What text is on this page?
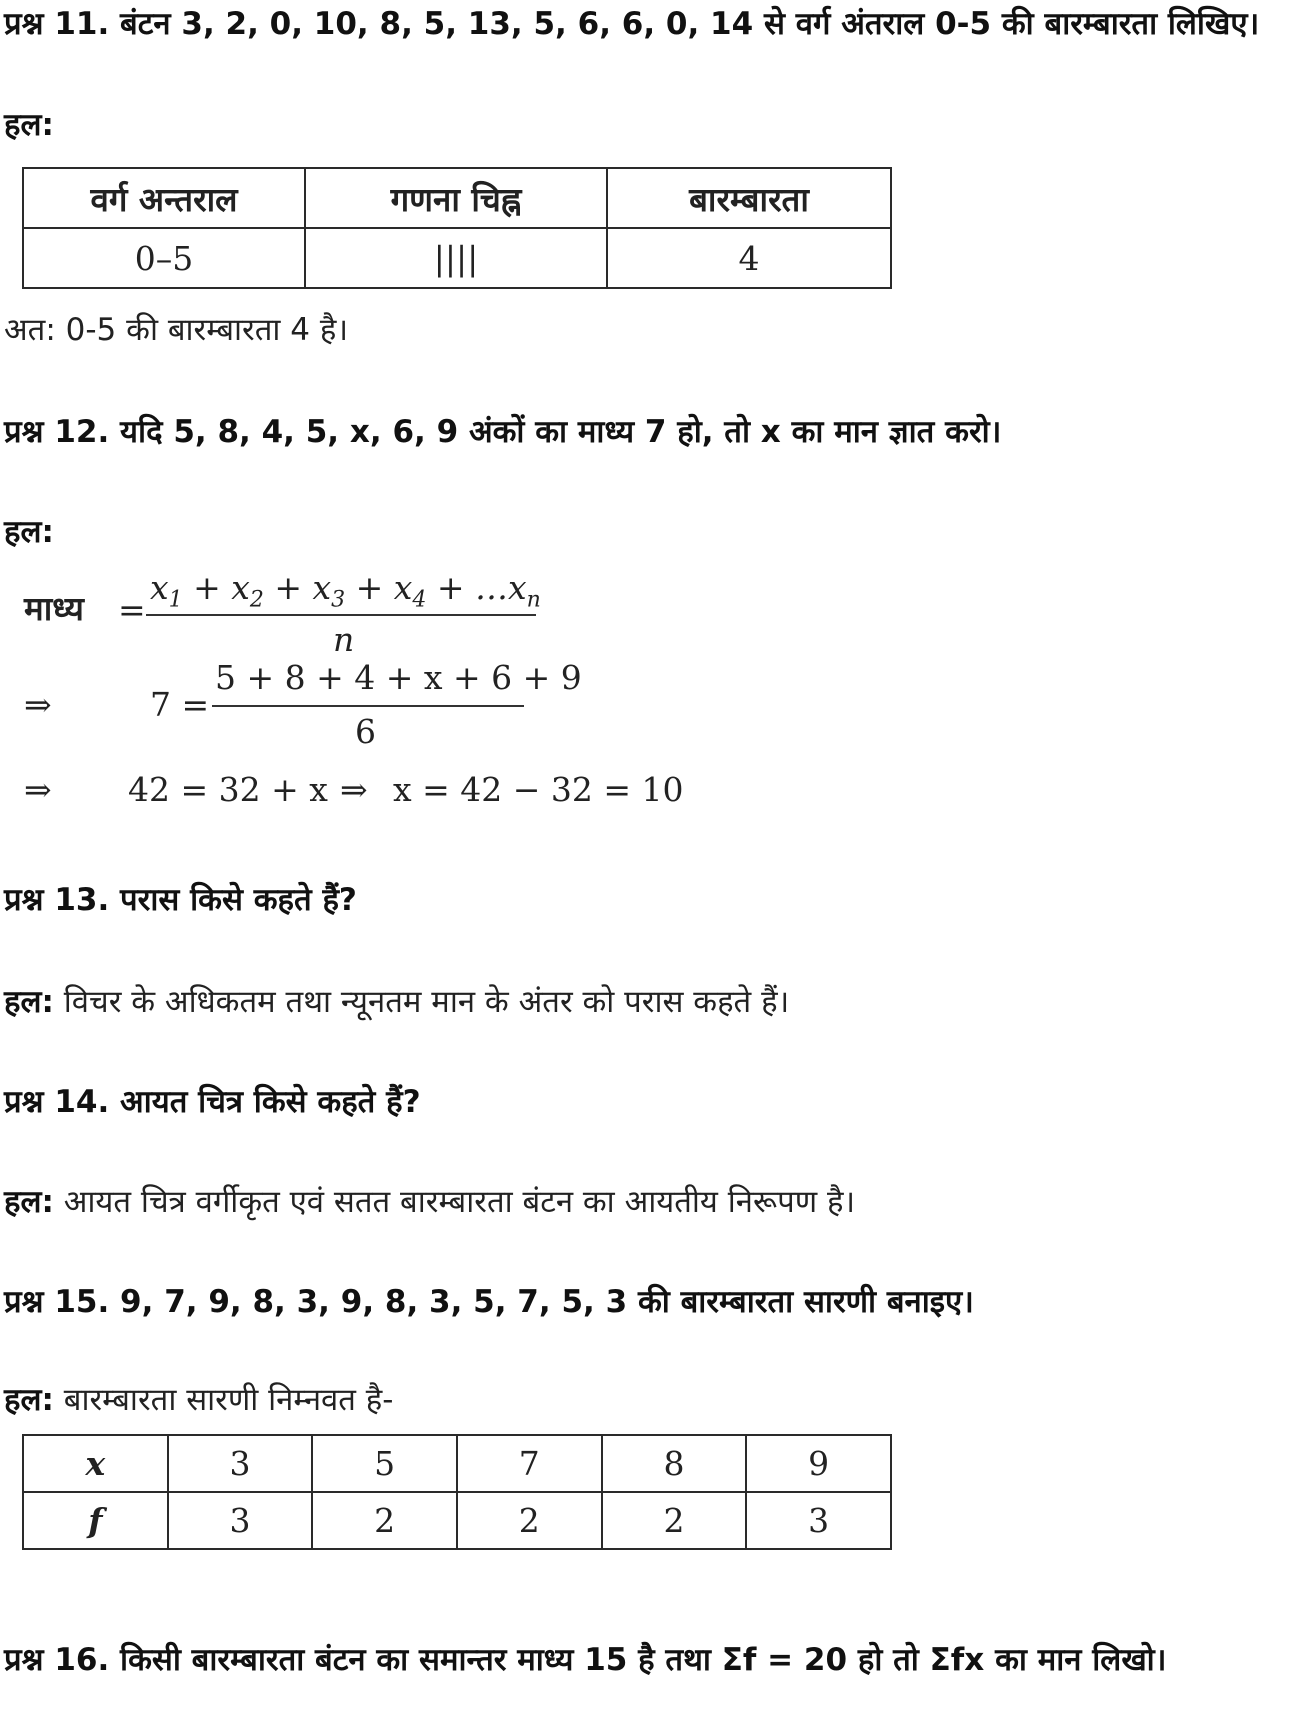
प्रश्न 11. बंटन 3, 2, 0, 10, 8, 5, 13, 5, 6, 6, 0, 14 से वर्ग अंतराल 0-5 की बारम्बारता लिखिए।
हल:
वर्ग अन्तराल	गणना चिह्न	बारम्बारता
0–5	||||	4
अत: 0-5 की बारम्बारता 4 है।
प्रश्न 12. यदि 5, 8, 4, 5, x, 6, 9 अंकों का माध्य 7 हो, तो x का मान ज्ञात करो।
हल:
माध्य =
$x_1 + x_2 + x_3 + x_4$ + $\dots x_n$
n
⇒	7 =
5 + 8 + 4 + x + 6 + 9
6
⇒ 42 = 32 + x ⇒ x = 42 − 32 = 10
प्रश्न 13. परास किसे कहते हैं?
हल: विचर के अधिकतम तथा न्यूनतम मान के अंतर को परास कहते हैं।
प्रश्न 14. आयत चित्र किसे कहते हैं?
हल: आयत चित्र वर्गीकृत एवं सतत बारम्बारता बंटन का आयतीय निरूपण है।
प्रश्न 15. 9, 7, 9, 8, 3, 9, 8, 3, 5, 7, 5, 3 की बारम्बारता सारणी बनाइए।
हल: बारम्बारता सारणी निम्नवत है-
x	3	5	7	8	9
f	3	2	2	2	3
प्रश्न 16. किसी बारम्बारता बंटन का समान्तर माध्य 15 है तथा Σf = 20 हो तो Σfx का मान लिखो।
